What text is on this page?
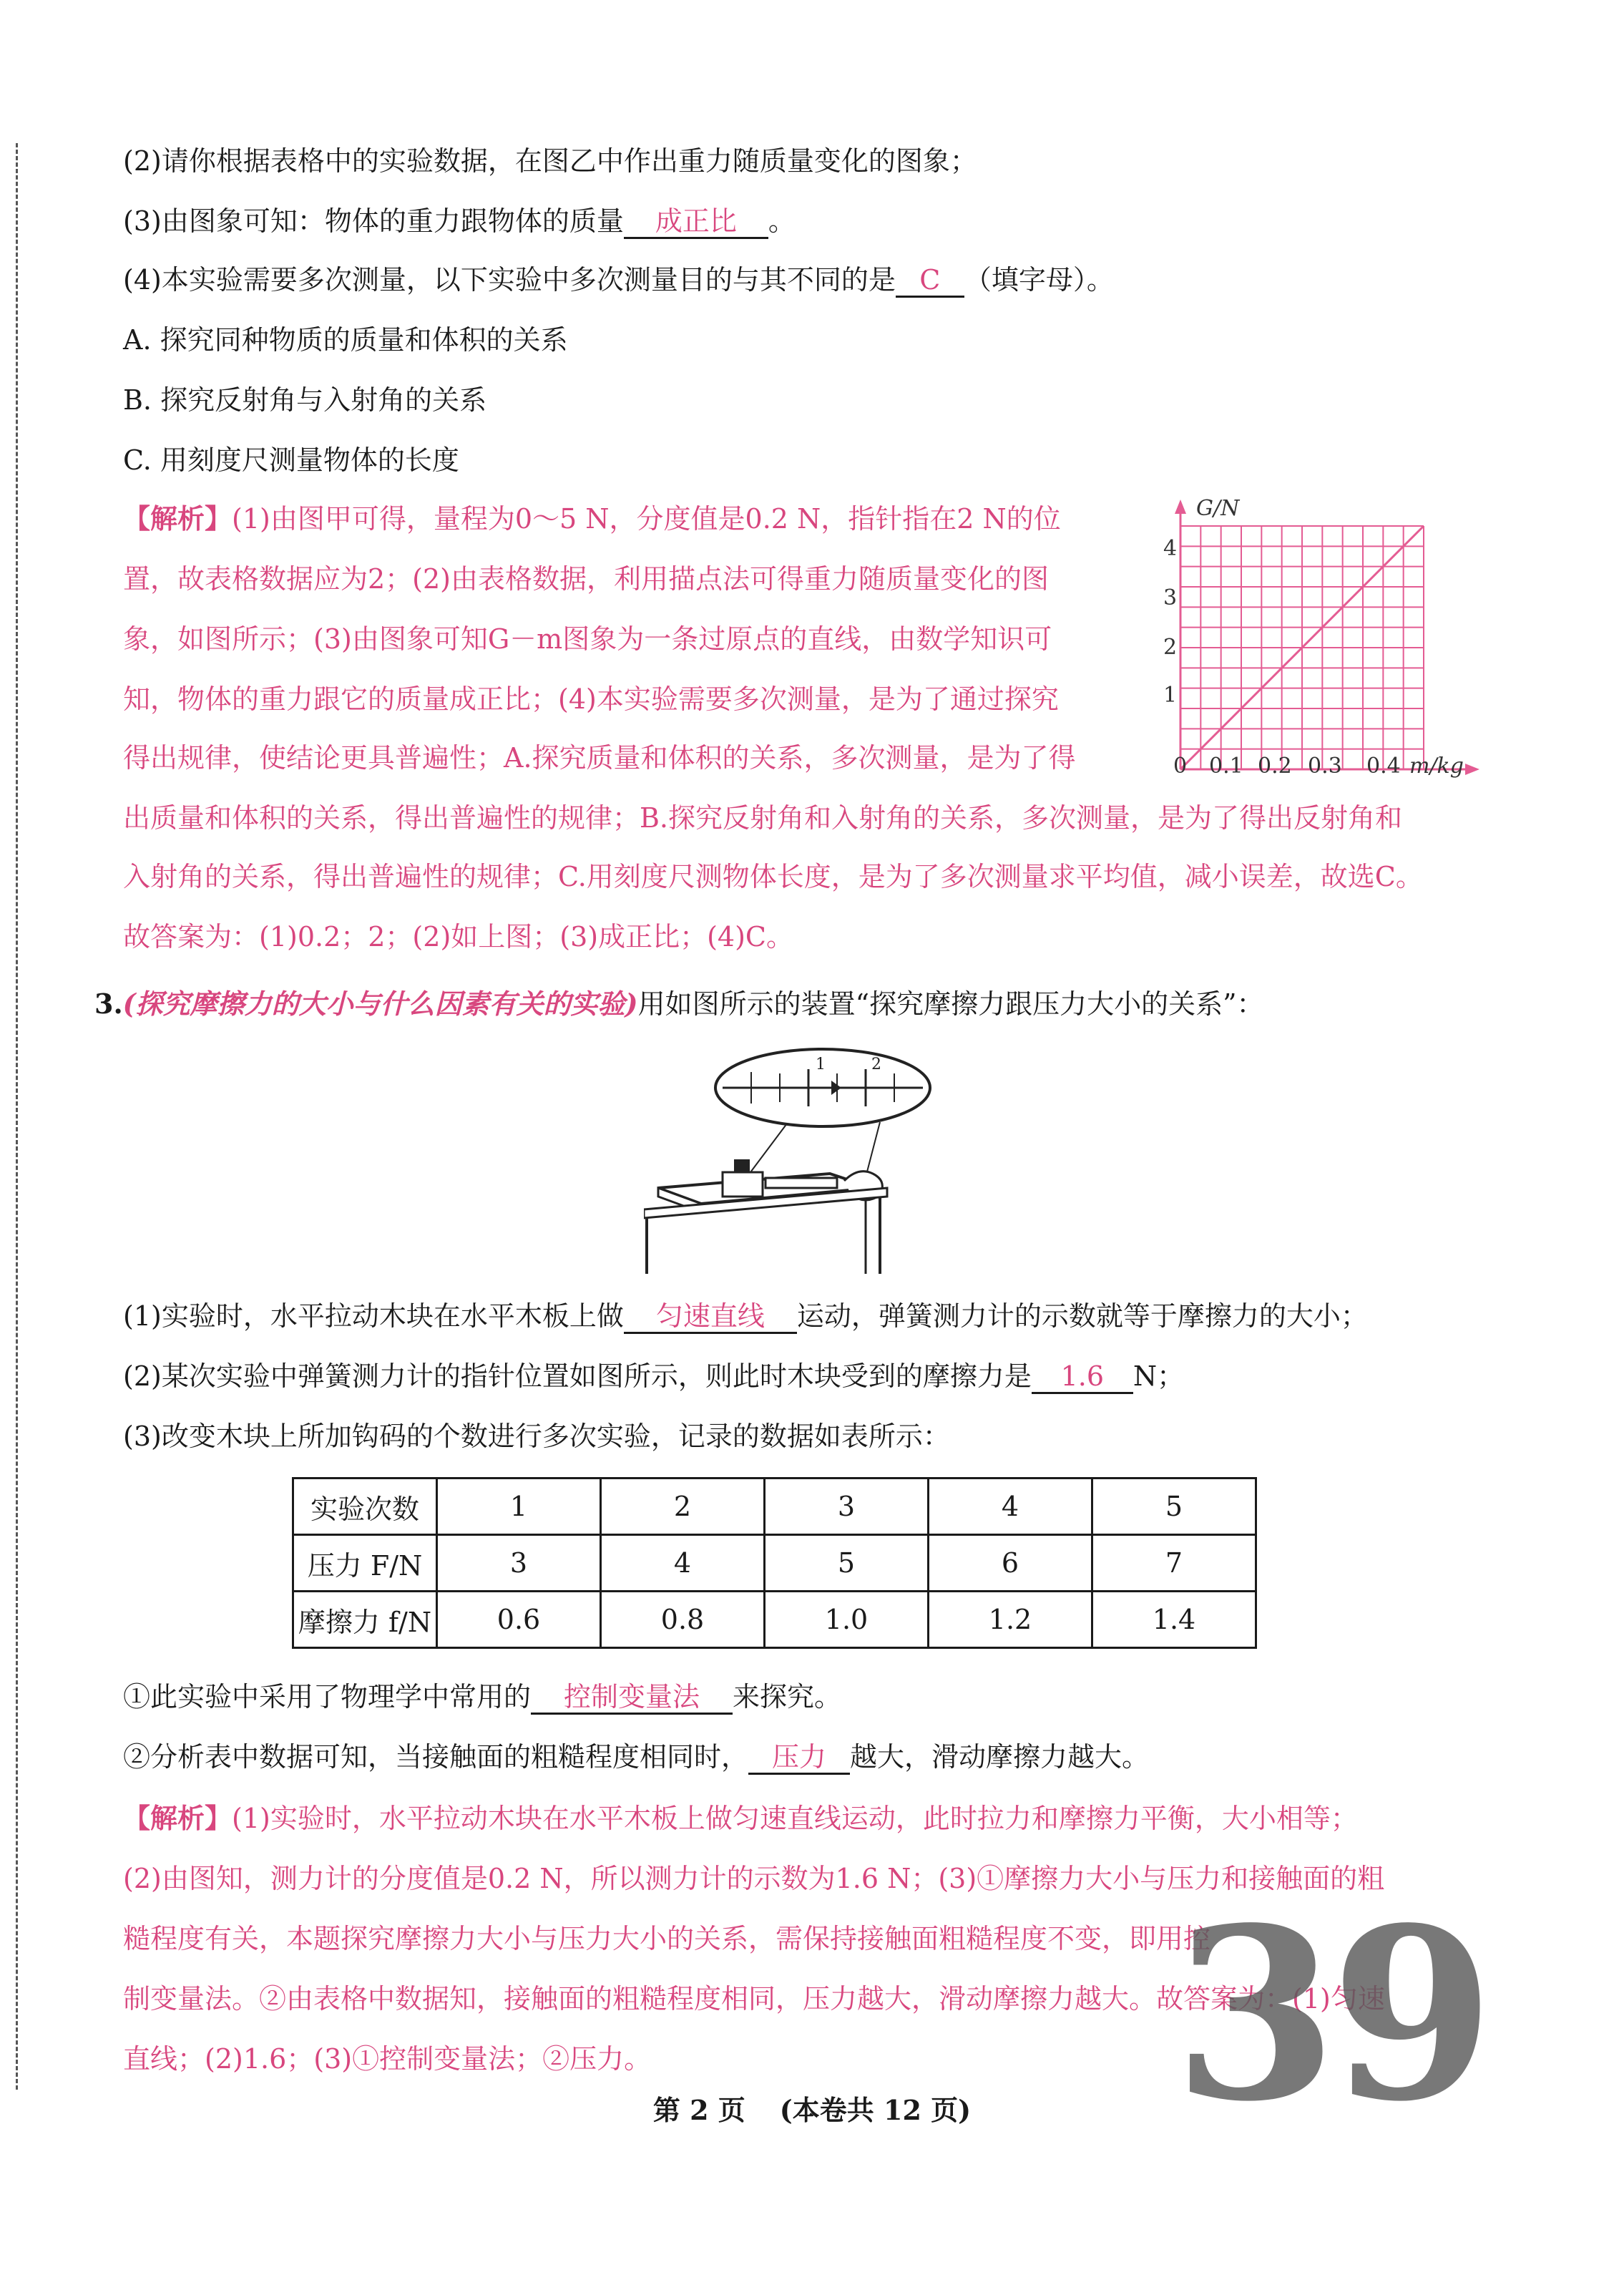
(2)请你根据表格中的实验数据，在图乙中作出重力随质量变化的图象；
(3)由图象可知：物体的重力跟物体的质量 成正比 。
(4)本实验需要多次测量，以下实验中多次测量目的与其不同的是 C （填字母）。
A. 探究同种物质的质量和体积的关系
B. 探究反射角与入射角的关系
C. 用刻度尺测量物体的长度
【解析】(1)由图甲可得，量程为0～5 N，分度值是0.2 N，指针指在2 N的位
置，故表格数据应为2；(2)由表格数据，利用描点法可得重力随质量变化的图
象，如图所示；(3)由图象可知G－m图象为一条过原点的直线，由数学知识可
知，物体的重力跟它的质量成正比；(4)本实验需要多次测量，是为了通过探究
得出规律，使结论更具普遍性；A.探究质量和体积的关系，多次测量，是为了得
出质量和体积的关系，得出普遍性的规律；B.探究反射角和入射角的关系，多次测量，是为了得出反射角和
入射角的关系，得出普遍性的规律；C.用刻度尺测物体长度，是为了多次测量求平均值，减小误差，故选C。
故答案为：(1)0.2；2；(2)如上图；(3)成正比；(4)C。
G/N
1
2
3
4
0 0.1 0.2 0.3 0.4 m/kg
3.(探究摩擦力的大小与什么因素有关的实验)用如图所示的装置“探究摩擦力跟压力大小的关系”：
1	2
(1)实验时，水平拉动木块在水平木板上做 匀速直线 运动，弹簧测力计的示数就等于摩擦力的大小；
(2)某次实验中弹簧测力计的指针位置如图所示，则此时木块受到的摩擦力是 1.6 N；
(3)改变木块上所加钩码的个数进行多次实验，记录的数据如表所示：
实验次数	1	2	3	4	5
压力 F/N	3	4	5	6	7
摩擦力 f/N	0.6	0.8	1.0	1.2	1.4
①此实验中采用了物理学中常用的 控制变量法 来探究。
②分析表中数据可知，当接触面的粗糙程度相同时， 压力 越大，滑动摩擦力越大。
【解析】(1)实验时，水平拉动木块在水平木板上做匀速直线运动，此时拉力和摩擦力平衡，大小相等；
(2)由图知，测力计的分度值是0.2 N，所以测力计的示数为1.6 N；(3)①摩擦力大小与压力和接触面的粗
糙程度有关，本题探究摩擦力大小与压力大小的关系，需保持接触面粗糙程度不变，即用控
制变量法。②由表格中数据知，接触面的粗糙程度相同，压力越大，滑动摩擦力越大。故答案为：(1)匀速
直线；(2)1.6；(3)①控制变量法；②压力。 39
第 2 页 (本卷共 12 页)
